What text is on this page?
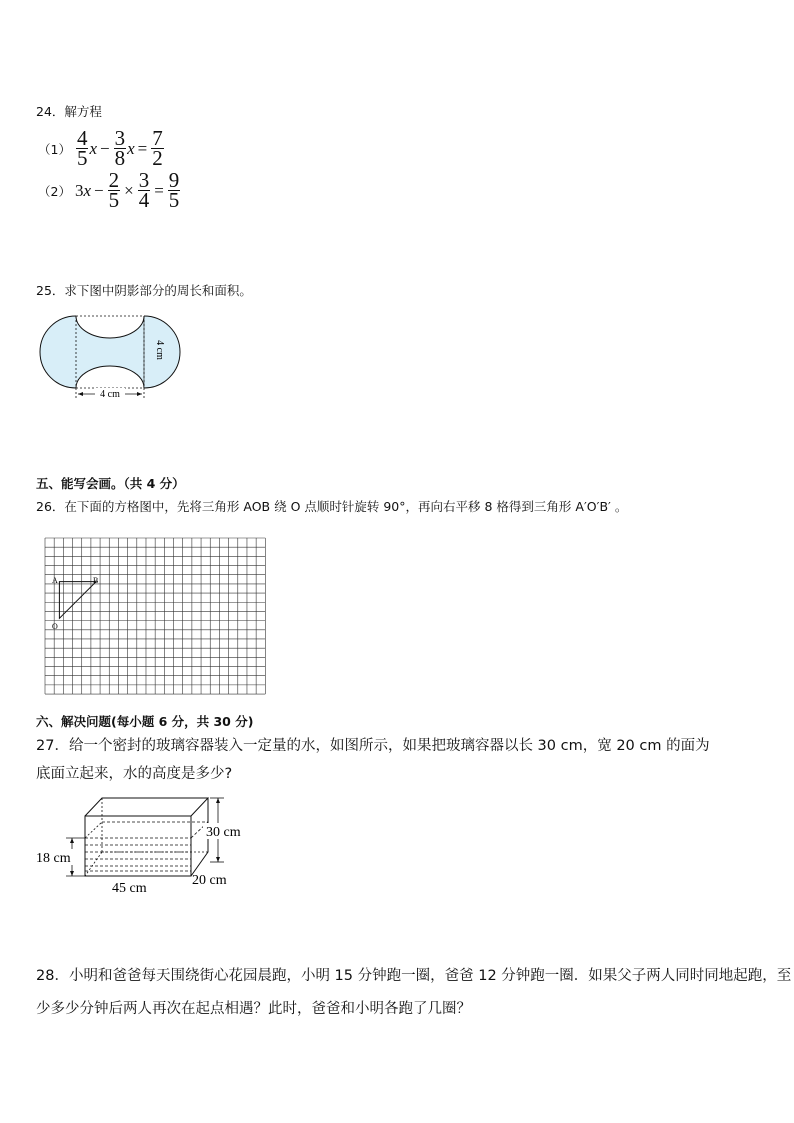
24．解方程
$(1) \frac{4}{5}$ $x - \frac{3}{8}$ $x = \frac{7}{2}$
（2） 3 $x - \frac{2}{5} \times \frac{3}{4} = \frac{9}{5}$
25．求下图中阴影部分的周长和面积。
4 cm
4 cm
五、能写会画。（共 4 分）
26．在下面的方格图中，先将三角形 AOB 绕 O 点顺时针旋转 90°，再向右平移 8 格得到三角形 A′O′B′ 。
A	B
O
六、解决问题(每小题 6 分，共 30 分)
27．给一个密封的玻璃容器装入一定量的水，如图所示，如果把玻璃容器以长 30 cm，宽 20 cm 的面为
底面立起来，水的高度是多少?
30 cm
18 cm
45 cm
20 cm
28．小明和爸爸每天围绕街心花园晨跑，小明 15 分钟跑一圈，爸爸 12 分钟跑一圈．如果父子两人同时同地起跑，至
少多少分钟后两人再次在起点相遇？此时，爸爸和小明各跑了几圈？
